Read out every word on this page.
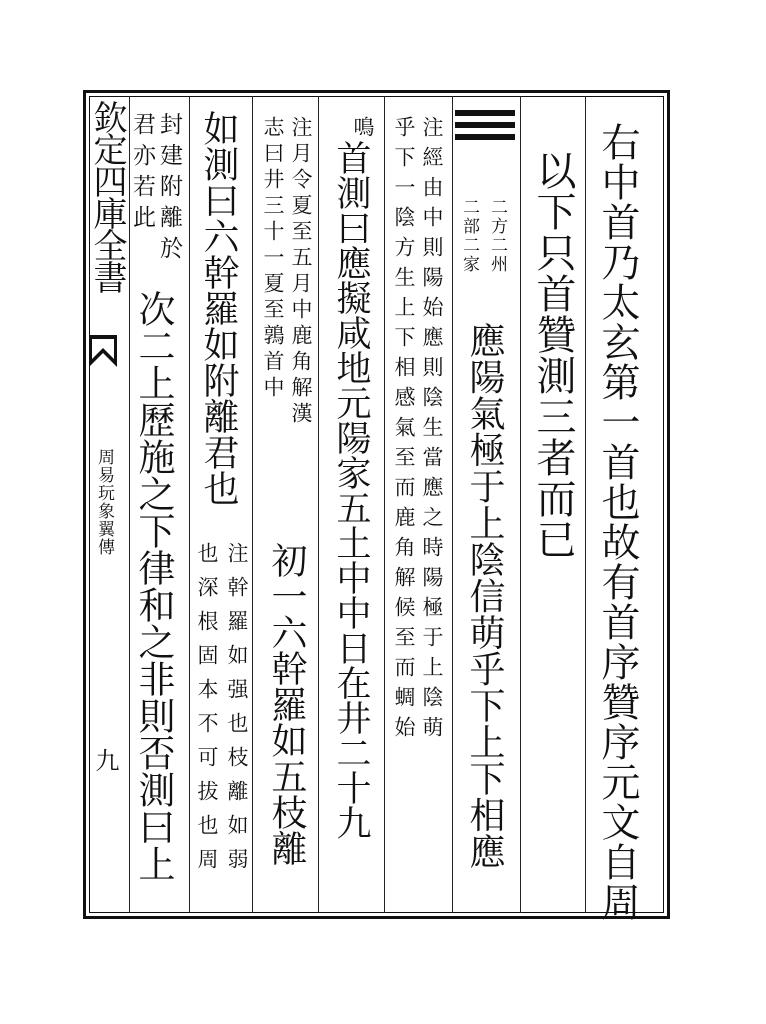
右中首乃太玄第一首也故有首序贊序元文自周
以下只首贊測三者而已
二方二州
二部二家
應陽氣極于上陰信萌乎下上下相應
注經由中則陽始應則陰生當應之時陽極于上陰萌
乎下一陰方生上下相感氣至而鹿角解候至而蜩始
鳴
首測曰應擬咸地元陽家五土中中日在井二十九
注月令夏至五月中鹿角解漢
志曰井三十一夏至鶉首中
初一六幹羅如五枝離
如測曰六幹羅如附離君也
注幹羅如强也枝離如弱
也深根固本不可拔也周
封建附離於
君亦若此
次二上歷施之下律和之非則否測曰上
欽定四庫全書
周易玩象翼傳
九
